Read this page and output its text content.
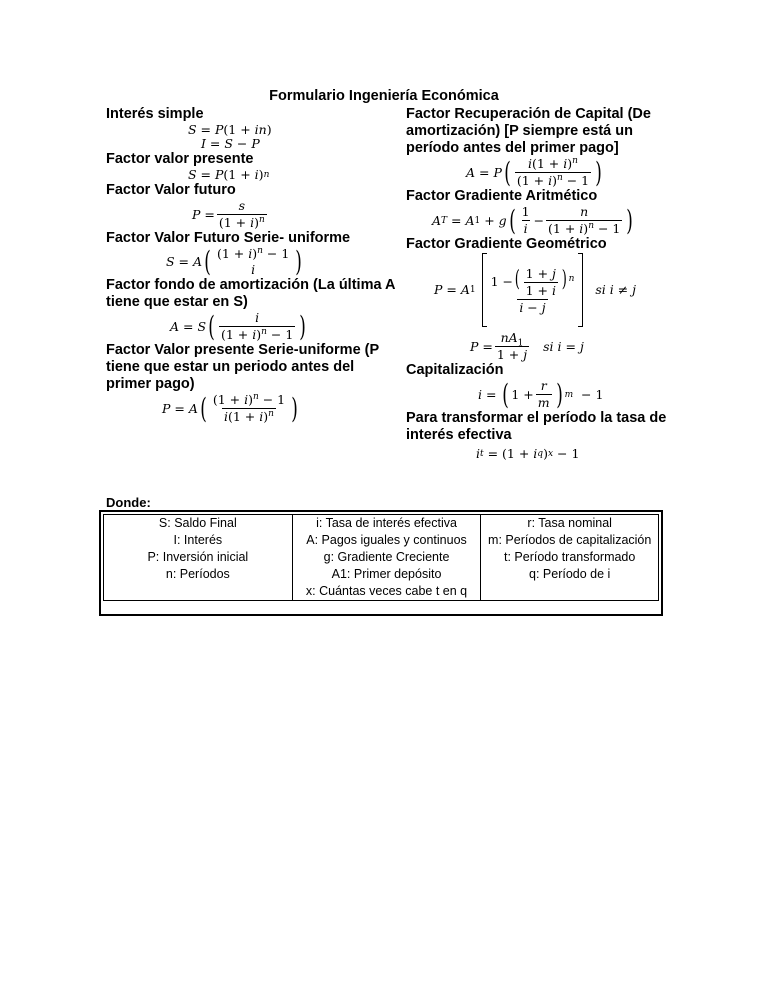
Formulario Ingeniería Económica

Interés simple

S = P (1 + in )
I = S − P

Factor valor presente

S = P (1 + i ) n

Factor Valor futuro

$P = \frac{s}{(1 + i)^n}$

Factor Valor Futuro Serie- uniforme

S = A ( $(1 + i)^n - 1$
i )

Factor fondo de amortización (La última A tiene que estar en S)

A = S ( $\frac{i}{(1 + i)^n - 1}$ )

Factor Valor presente Serie-uniforme (P tiene que estar un periodo antes del primer pago)

P = A ( $\frac{(1 + i)^n - 1}{i(1 + i)^n}$ )

Factor Recuperación de Capital (De amortización) [P siempre está un período antes del primer pago]

A = P ( $\frac{i(1 + i)^n}{(1 + i)^n - 1}$ )

Factor Gradiente Aritmético

A T = A 1 + g ( $\frac{1}{i} - \frac{n}{(1 + i)^n - 1}$ )

Factor Gradiente Geométrico

P = A $1 \frac{1 -( \frac{1 + j}{1 + i} ) ^n}{i - j}$ si i ≠ j
$P = \frac{nA_1}{1 + j}$ si i = j

Capitalización

i = ( $1 + \frac{r}{m}$ ) m − 1

Para transformar el período la tasa de interés efectiva

i t = (1 + i q ) x − 1
Donde:
S: Saldo Final	i: Tasa de interés efectiva	r: Tasa nominal
I: Interés	A: Pagos iguales y continuos	m: Períodos de capitalización
P: Inversión inicial	g: Gradiente Creciente	t: Período transformado
n: Períodos	A1: Primer depósito	q: Período de i
	x: Cuántas veces cabe t en q	
